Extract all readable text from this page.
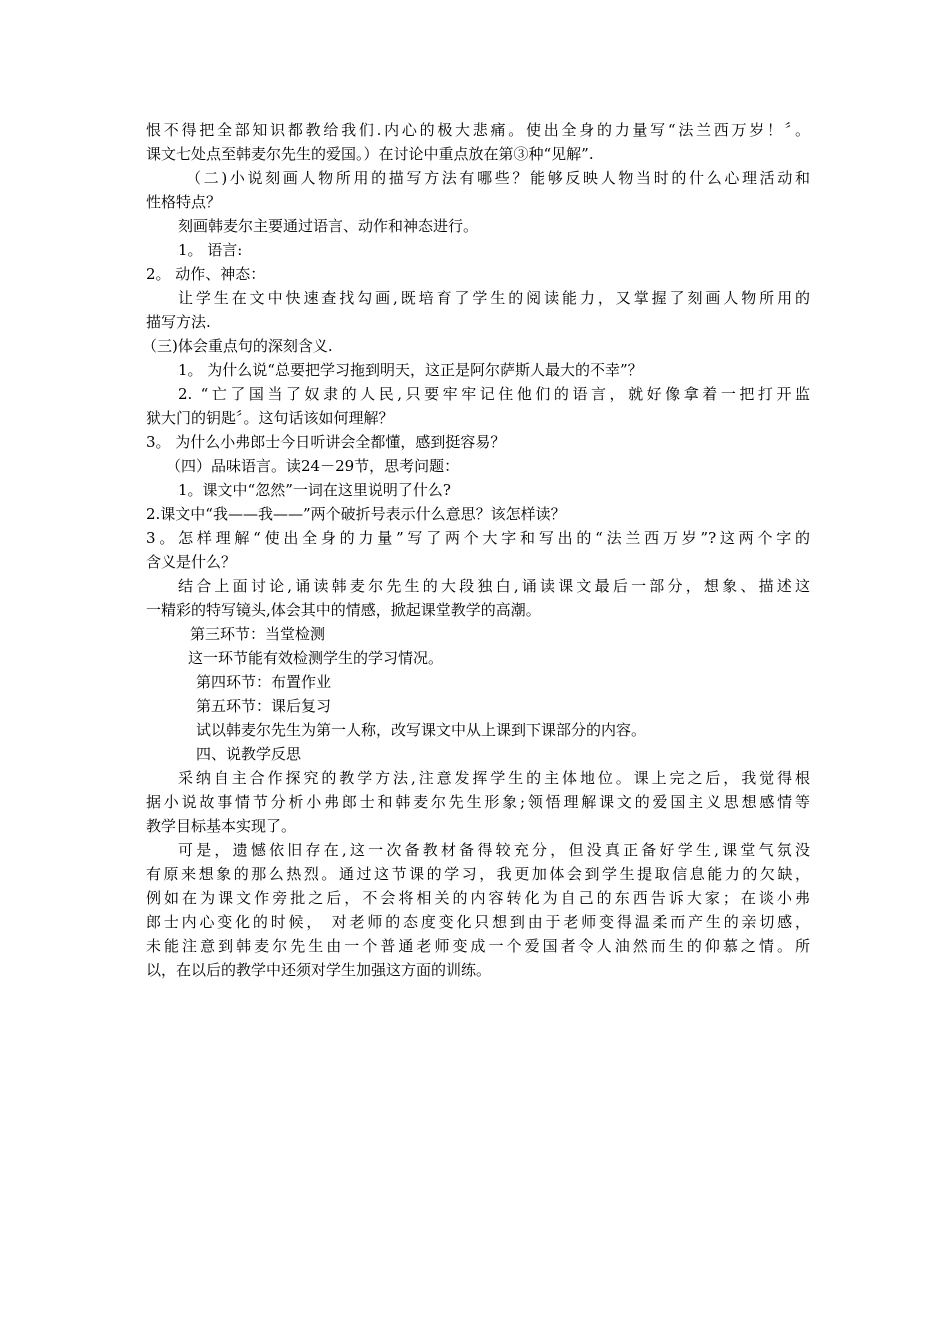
恨不得把全部知识都教给我们.内心的极大悲痛。使出全身的力量写“法兰西万岁！〞。
课文七处点至韩麦尔先生的爱国。）在讨论中重点放在第③种“见解”.
（二)小说刻画人物所用的描写方法有哪些？能够反映人物当时的什么心理活动和
性格特点？
刻画韩麦尔主要通过语言、动作和神态进行。
1。 语言:
2。 动作、神态：
让学生在文中快速查找勾画,既培育了学生的阅读能力，又掌握了刻画人物所用的
描写方法.
（三)体会重点句的深刻含义.
1。 为什么说“总要把学习拖到明天，这正是阿尔萨斯人最大的不幸”？
2. “亡了国当了奴隶的人民,只要牢牢记住他们的语言，就好像拿着一把打开监
狱大门的钥匙〞。这句话该如何理解？
3。 为什么小弗郎士今日听讲会全都懂，感到挺容易？
（四）品味语言。读24－29节，思考问题：
1。课文中“忽然”一词在这里说明了什么?
2.课文中“我——我——”两个破折号表示什么意思？该怎样读？
3。怎样理解“使出全身的力量”写了两个大字和写出的“法兰西万岁”?这两个字的
含义是什么？
结合上面讨论,诵读韩麦尔先生的大段独白,诵读课文最后一部分，想象、描述这
一精彩的特写镜头,体会其中的情感，掀起课堂教学的高潮。
第三环节：当堂检测
这一环节能有效检测学生的学习情况。
第四环节：布置作业
第五环节：课后复习
试以韩麦尔先生为第一人称，改写课文中从上课到下课部分的内容。
四、说教学反思
采纳自主合作探究的教学方法,注意发挥学生的主体地位。课上完之后，我觉得根
据小说故事情节分析小弗郎士和韩麦尔先生形象;领悟理解课文的爱国主义思想感情等
教学目标基本实现了。
可是，遗憾依旧存在,这一次备教材备得较充分，但没真正备好学生,课堂气氛没
有原来想象的那么热烈。通过这节课的学习，我更加体会到学生提取信息能力的欠缺，
例如在为课文作旁批之后，不会将相关的内容转化为自己的东西告诉大家；在谈小弗
郎士内心变化的时候， 对老师的态度变化只想到由于老师变得温柔而产生的亲切感，
未能注意到韩麦尔先生由一个普通老师变成一个爱国者令人油然而生的仰慕之情。所
以，在以后的教学中还须对学生加强这方面的训练。
